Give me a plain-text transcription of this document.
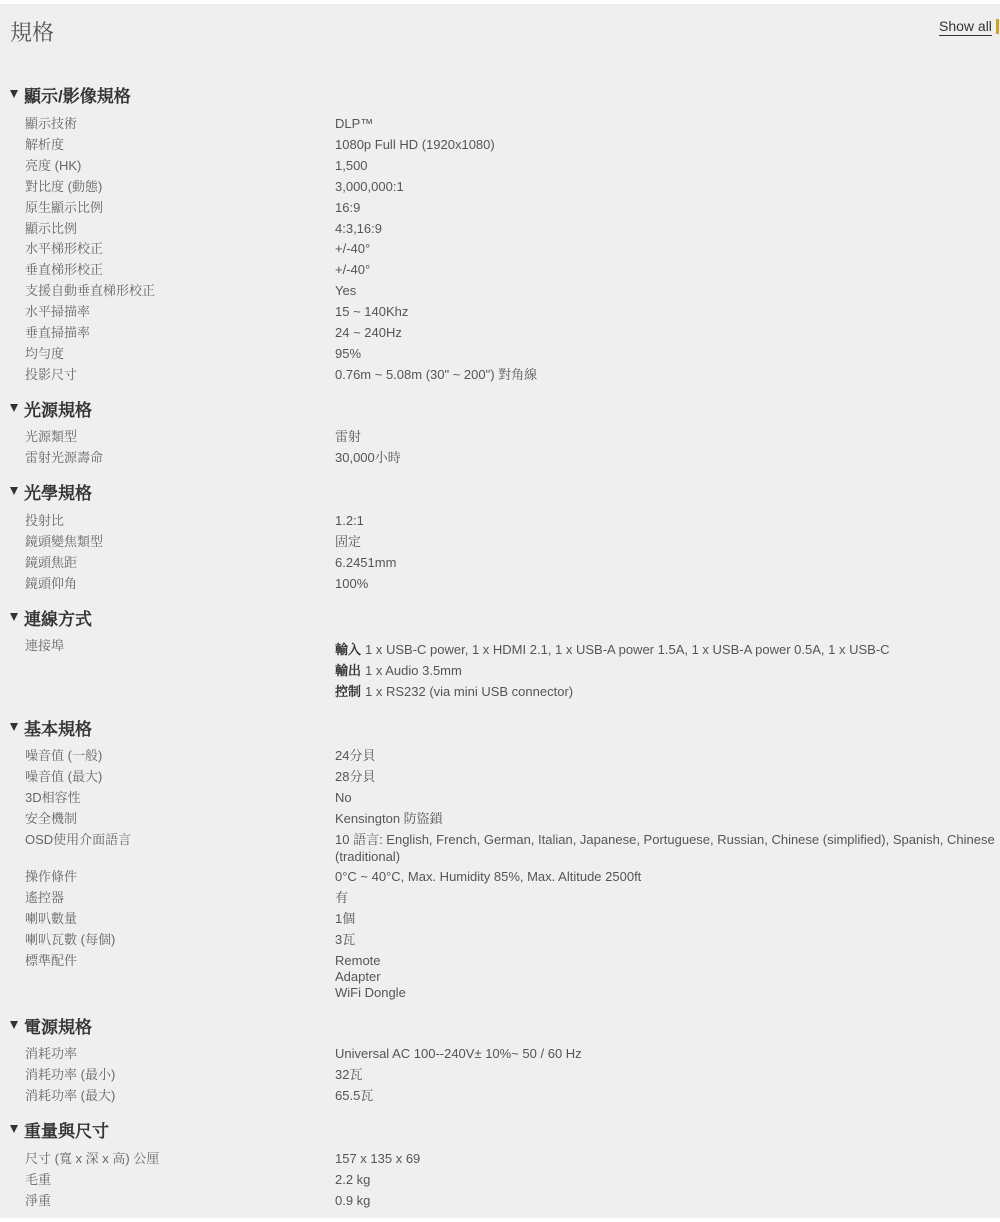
規格	Show all
顯示/影像規格
顯示技術	DLP™
解析度	1080p Full HD (1920x1080)
亮度 (HK)	1,500
對比度 (動態)	3,000,000:1
原生顯示比例	16:9
顯示比例	4:3,16:9
水平梯形校正	+/-40°
垂直梯形校正	+/-40°
支援自動垂直梯形校正	Yes
水平掃描率	15 ~ 140Khz
垂直掃描率	24 ~ 240Hz
均勻度	95%
投影尺寸	0.76m ~ 5.08m (30" ~ 200") 對角線
光源規格
光源類型	雷射
雷射光源壽命	30,000小時
光學規格
投射比	1.2:1
鏡頭變焦類型	固定
鏡頭焦距	6.2451mm
鏡頭仰角	100%
連線方式
連接埠	輸入 1 x USB-C power, 1 x HDMI 2.1, 1 x USB-A power 1.5A, 1 x USB-A power 0.5A, 1 x USB-C
輸出 1 x Audio 3.5mm
控制 1 x RS232 (via mini USB connector)
基本規格
噪音值 (一般)	24分貝
噪音值 (最大)	28分貝
3D相容性	No
安全機制	Kensington 防盜鎖
OSD使用介面語言	10 語言: English, French, German, Italian, Japanese, Portuguese, Russian, Chinese (simplified), Spanish, Chinese (traditional)
操作條件	0°C ~ 40°C, Max. Humidity 85%, Max. Altitude 2500ft
遙控器	有
喇叭數量	1個
喇叭瓦數 (每個)	3瓦
標準配件	Remote
Adapter
WiFi Dongle
電源規格
消耗功率	Universal AC 100--240V± 10%~ 50 / 60 Hz
消耗功率 (最小)	32瓦
消耗功率 (最大)	65.5瓦
重量與尺寸
尺寸 (寬 x 深 x 高) 公厘	157 x 135 x 69
毛重	2.2 kg
淨重	0.9 kg
